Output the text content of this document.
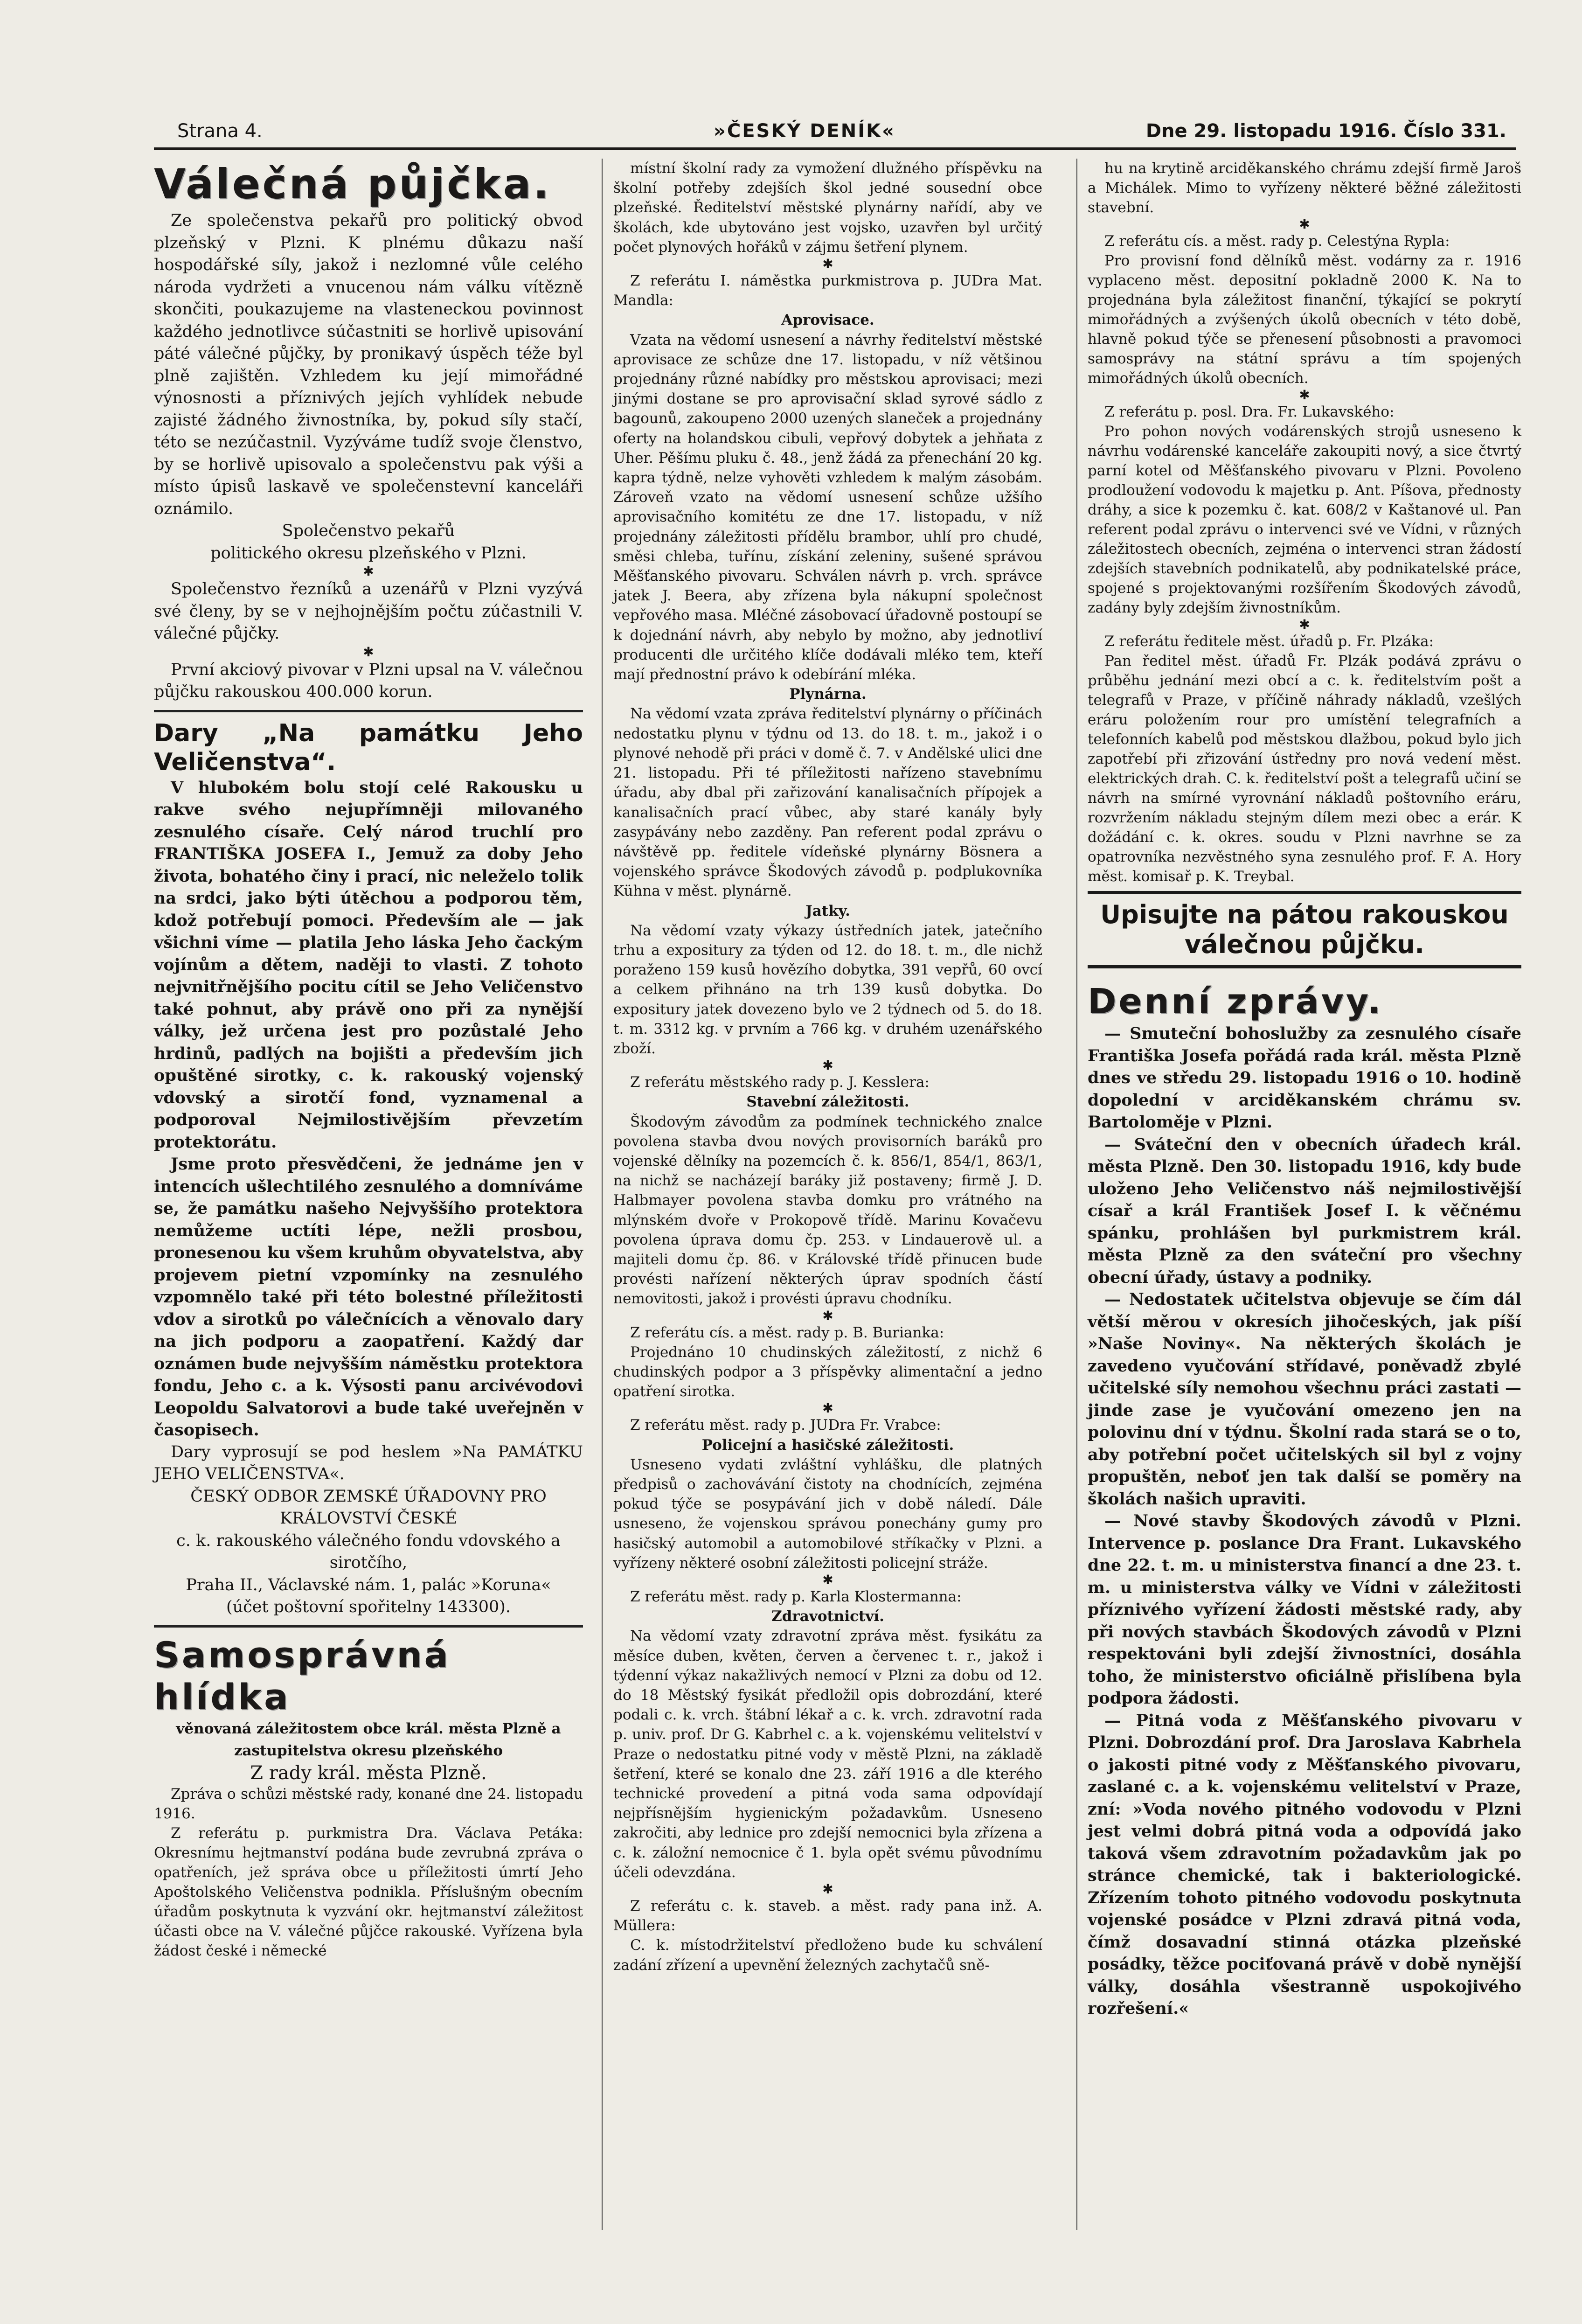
Strana 4.	»ČESKÝ DENÍK«	Dne 29. listopadu 1916. Číslo 331.

Válečná půjčka.

Ze společenstva pekařů pro politický obvod plzeňský v Plzni. K plnému důkazu naší hospodářské síly, jakož i nezlomné vůle celého národa vydržeti a vnucenou nám válku vítězně skončiti, poukazujeme na vlasteneckou povinnost každého jednotlivce súčastniti se horlivě upisování páté válečné půjčky, by pronikavý úspěch téže byl plně zajištěn. Vzhledem ku její mimořádné výnosnosti a příznivých jejích vyhlídek nebude zajisté žádného živnostníka, by, pokud síly stačí, této se nezúčastnil. Vyzýváme tudíž svoje členstvo, by se horlivě upisovalo a společenstvu pak výši a místo úpisů laskavě ve společenstevní kanceláři oznámilo.

Společenstvo pekařů

politického okresu plzeňského v Plzni.

✱

Společenstvo řezníků a uzenářů v Plzni vyzývá své členy, by se v nejhojnějším počtu zúčastnili V. válečné půjčky.

✱

První akciový pivovar v Plzni upsal na V. válečnou půjčku rakouskou 400.000 korun.

Dary „Na památku Jeho Veličenstva“.

V hlubokém bolu stojí celé Rakousku u rakve svého nejupřímněji milovaného zesnulého císaře. Celý národ truchlí pro FRANTIŠKA JOSEFA I., Jemuž za doby Jeho života, bohatého činy i prací, nic neleželo tolik na srdci, jako býti útěchou a podporou těm, kdož potřebují pomoci. Především ale — jak všichni víme — platila Jeho láska Jeho čackým vojínům a dětem, naději to vlasti. Z tohoto nejvnitřnějšího pocitu cítil se Jeho Veličenstvo také pohnut, aby právě ono při za nynější války, jež určena jest pro pozůstalé Jeho hrdinů, padlých na bojišti a především jich opuštěné sirotky, c. k. rakouský vojenský vdovský a sirotčí fond, vyznamenal a podporoval Nejmilostivějším převzetím protektorátu.

Jsme proto přesvědčeni, že jednáme jen v intencích ušlechtilého zesnulého a domníváme se, že památku našeho Nejvyššího protektora nemůžeme uctíti lépe, nežli prosbou, pronesenou ku všem kruhům obyvatelstva, aby projevem pietní vzpomínky na zesnulého vzpomnělo také při této bolestné příležitosti vdov a sirotků po válečnících a věnovalo dary na jich podporu a zaopatření. Každý dar oznámen bude nejvyšším náměstku protektora fondu, Jeho c. a k. Výsosti panu arcivévodovi Leopoldu Salvatorovi a bude také uveřejněn v časopisech.

Dary vyprosují se pod heslem »Na PAMÁTKU JEHO VELIČENSTVA«.

ČESKÝ ODBOR ZEMSKÉ ÚŘADOVNY PRO KRÁLOVSTVÍ ČESKÉ

c. k. rakouského válečného fondu vdovského a sirotčího,

Praha II., Václavské nám. 1, palác »Koruna«

(účet poštovní spořitelny 143300).

Samosprávná hlídka

věnovaná záležitostem obce král. města Plzně a zastupitelstva okresu plzeňského

Z rady král. města Plzně.

Zpráva o schůzi městské rady, konané dne 24. listopadu 1916.

Z referátu p. purkmistra Dra. Václava Petáka: Okresnímu hejtmanství podána bude zevrubná zpráva o opatřeních, jež správa obce u příležitosti úmrtí Jeho Apoštolského Veličenstva podnikla. Příslušným obecním úřadům poskytnuta k vyzvání okr. hejtmanství záležitost účasti obce na V. válečné půjčce rakouské. Vyřízena byla žádost české i německé

místní školní rady za vymožení dlužného příspěvku na školní potřeby zdejších škol jedné sousední obce plzeňské. Ředitelství městské plynárny nařídí, aby ve školách, kde ubytováno jest vojsko, uzavřen byl určitý počet plynových hořáků v zájmu šetření plynem.

✱

Z referátu I. náměstka purkmistrova p. JUDra Mat. Mandla:

Aprovisace.

Vzata na vědomí usnesení a návrhy ředitelství městské aprovisace ze schůze dne 17. listopadu, v níž většinou projednány různé nabídky pro městskou aprovisaci; mezi jinými dostane se pro aprovisační sklad syrové sádlo z bagounů, zakoupeno 2000 uzených slaneček a projednány oferty na holandskou cibuli, vepřový dobytek a jehňata z Uher. Pěšímu pluku č. 48., jenž žádá za přenechání 20 kg. kapra týdně, nelze vyhověti vzhledem k malým zásobám. Zároveň vzato na vědomí usnesení schůze užšího aprovisačního komitétu ze dne 17. listopadu, v níž projednány záležitosti přídělu brambor, uhlí pro chudé, směsi chleba, tuřínu, získání zeleniny, sušené správou Měšťanského pivovaru. Schválen návrh p. vrch. správce jatek J. Beera, aby zřízena byla nákupní společnost vepřového masa. Mléčné zásobovací úřadovně postoupí se k dojednání návrh, aby nebylo by možno, aby jednotliví producenti dle určitého klíče dodávali mléko tem, kteří mají přednostní právo k odebírání mléka.

Plynárna.

Na vědomí vzata zpráva ředitelství plynárny o příčinách nedostatku plynu v týdnu od 13. do 18. t. m., jakož i o plynové nehodě při práci v domě č. 7. v Andělské ulici dne 21. listopadu. Při té příležitosti nařízeno stavebnímu úřadu, aby dbal při zařizování kanalisačních přípojek a kanalisačních prací vůbec, aby staré kanály byly zasypávány nebo zazděny. Pan referent podal zprávu o návštěvě pp. ředitele vídeňské plynárny Bösnera a vojenského správce Škodových závodů p. podplukovníka Kühna v měst. plynárně.

Jatky.

Na vědomí vzaty výkazy ústředních jatek, jatečního trhu a expositury za týden od 12. do 18. t. m., dle nichž poraženo 159 kusů hovězího dobytka, 391 vepřů, 60 ovcí a celkem přihnáno na trh 139 kusů dobytka. Do expositury jatek dovezeno bylo ve 2 týdnech od 5. do 18. t. m. 3312 kg. v prvním a 766 kg. v druhém uzenářského zboží.

✱

Z referátu městského rady p. J. Kesslera:

Stavební záležitosti.

Škodovým závodům za podmínek technického znalce povolena stavba dvou nových provisorních baráků pro vojenské dělníky na pozemcích č. k. 856/1, 854/1, 863/1, na nichž se nacházejí baráky již postaveny; firmě J. D. Halbmayer povolena stavba domku pro vrátného na mlýnském dvoře v Prokopově třídě. Marinu Kovačevu povolena úprava domu čp. 253. v Lindauerově ul. a majiteli domu čp. 86. v Královské třídě přinucen bude provésti nařízení některých úprav spodních částí nemovitosti, jakož i provésti úpravu chodníku.

✱

Z referátu cís. a měst. rady p. B. Burianka:

Projednáno 10 chudinských záležitostí, z nichž 6 chudinských podpor a 3 příspěvky alimentační a jedno opatření sirotka.

✱

Z referátu měst. rady p. JUDra Fr. Vrabce:

Policejní a hasičské záležitosti.

Usneseno vydati zvláštní vyhlášku, dle platných předpisů o zachovávání čistoty na chodnících, zejména pokud týče se posypávání jich v době náledí. Dále usneseno, že vojenskou správou ponechány gumy pro hasičský automobil a automobilové stříkačky v Plzni. a vyřízeny některé osobní záležitosti policejní stráže.

✱

Z referátu měst. rady p. Karla Klostermanna:

Zdravotnictví.

Na vědomí vzaty zdravotní zpráva měst. fysikátu za měsíce duben, květen, červen a červenec t. r., jakož i týdenní výkaz nakažlivých nemocí v Plzni za dobu od 12. do 18 Městský fysikát předložil opis dobrozdání, které podali c. k. vrch. štábní lékař a c. k. vrch. zdravotní rada p. univ. prof. Dr G. Kabrhel c. a k. vojenskému velitelství v Praze o nedostatku pitné vody v městě Plzni, na základě šetření, které se konalo dne 23. září 1916 a dle kterého technické provedení a pitná voda sama odpovídají nejpřísnějším hygienickým požadavkům. Usneseno zakročiti, aby lednice pro zdejší nemocnici byla zřízena a c. k. záložní nemocnice č 1. byla opět svému původnímu účeli odevzdána.

✱

Z referátu c. k. staveb. a měst. rady pana inž. A. Müllera:

C. k. místodržitelství předloženo bude ku schválení zadání zřízení a upevnění železných zachytačů sně-

hu na krytině arciděkanského chrámu zdejší firmě Jaroš a Michálek. Mimo to vyřízeny některé běžné záležitosti stavební.

✱

Z referátu cís. a měst. rady p. Celestýna Rypla:

Pro provisní fond dělníků měst. vodárny za r. 1916 vyplaceno měst. depositní pokladně 2000 K. Na to projednána byla záležitost finanční, týkající se pokrytí mimořádných a zvýšených úkolů obecních v této době, hlavně pokud týče se přenesení působnosti a pravomoci samosprávy na státní správu a tím spojených mimořádných úkolů obecních.

✱

Z referátu p. posl. Dra. Fr. Lukavského:

Pro pohon nových vodárenských strojů usneseno k návrhu vodárenské kanceláře zakoupiti nový, a sice čtvrtý parní kotel od Měšťanského pivovaru v Plzni. Povoleno prodloužení vodovodu k majetku p. Ant. Píšova, přednosty dráhy, a sice k pozemku č. kat. 608/2 v Kaštanové ul. Pan referent podal zprávu o intervenci své ve Vídni, v různých záležitostech obecních, zejména o intervenci stran žádostí zdejších stavebních podnikatelů, aby podnikatelské práce, spojené s projektovanými rozšířením Škodových závodů, zadány byly zdejším živnostníkům.

✱

Z referátu ředitele měst. úřadů p. Fr. Plzáka:

Pan ředitel měst. úřadů Fr. Plzák podává zprávu o průběhu jednání mezi obcí a c. k. ředitelstvím pošt a telegrafů v Praze, v příčině náhrady nákladů, vzešlých eráru položením rour pro umístění telegrafních a telefonních kabelů pod městskou dlažbou, pokud bylo jich zapotřebí při zřizování ústředny pro nová vedení měst. elektrických drah. C. k. ředitelství pošt a telegrafů učiní se návrh na smírné vyrovnání nákladů poštovního eráru, rozvržením nákladu stejným dílem mezi obec a erár. K dožádání c. k. okres. soudu v Plzni navrhne se za opatrovníka nezvěstného syna zesnulého prof. F. A. Hory měst. komisař p. K. Treybal.

Upisujte na pátou rakouskou válečnou půjčku.

Denní zprávy.

— Smuteční bohoslužby za zesnulého císaře Františka Josefa pořádá rada král. města Plzně dnes ve středu 29. listopadu 1916 o 10. hodině dopolední v arciděkanském chrámu sv. Bartoloměje v Plzni.

— Sváteční den v obecních úřadech král. města Plzně. Den 30. listopadu 1916, kdy bude uloženo Jeho Veličenstvo náš nejmilostivější císař a král František Josef I. k věčnému spánku, prohlášen byl purkmistrem král. města Plzně za den sváteční pro všechny obecní úřady, ústavy a podniky.

— Nedostatek učitelstva objevuje se čím dál větší měrou v okresích jihočeských, jak píší »Naše Noviny«. Na některých školách je zavedeno vyučování střídavé, poněvadž zbylé učitelské síly nemohou všechnu práci zastati — jinde zase je vyučování omezeno jen na polovinu dní v týdnu. Školní rada stará se o to, aby potřební počet učitelských sil byl z vojny propuštěn, neboť jen tak další se poměry na školách našich upraviti.

— Nové stavby Škodových závodů v Plzni. Intervence p. poslance Dra Frant. Lukavského dne 22. t. m. u ministerstva financí a dne 23. t. m. u ministerstva války ve Vídni v záležitosti příznivého vyřízení žádosti městské rady, aby při nových stavbách Škodových závodů v Plzni respektováni byli zdejší živnostníci, dosáhla toho, že ministerstvo oficiálně přislíbena byla podpora žádosti.

— Pitná voda z Měšťanského pivovaru v Plzni. Dobrozdání prof. Dra Jaroslava Kabrhela o jakosti pitné vody z Měšťanského pivovaru, zaslané c. a k. vojenskému velitelství v Praze, zní: »Voda nového pitného vodovodu v Plzni jest velmi dobrá pitná voda a odpovídá jako taková všem zdravotním požadavkům jak po stránce chemické, tak i bakteriologické. Zřízením tohoto pitného vodovodu poskytnuta vojenské posádce v Plzni zdravá pitná voda, čímž dosavadní stinná otázka plzeňské posádky, těžce pociťovaná právě v době nynější války, dosáhla všestranně uspokojivého rozřešení.«
